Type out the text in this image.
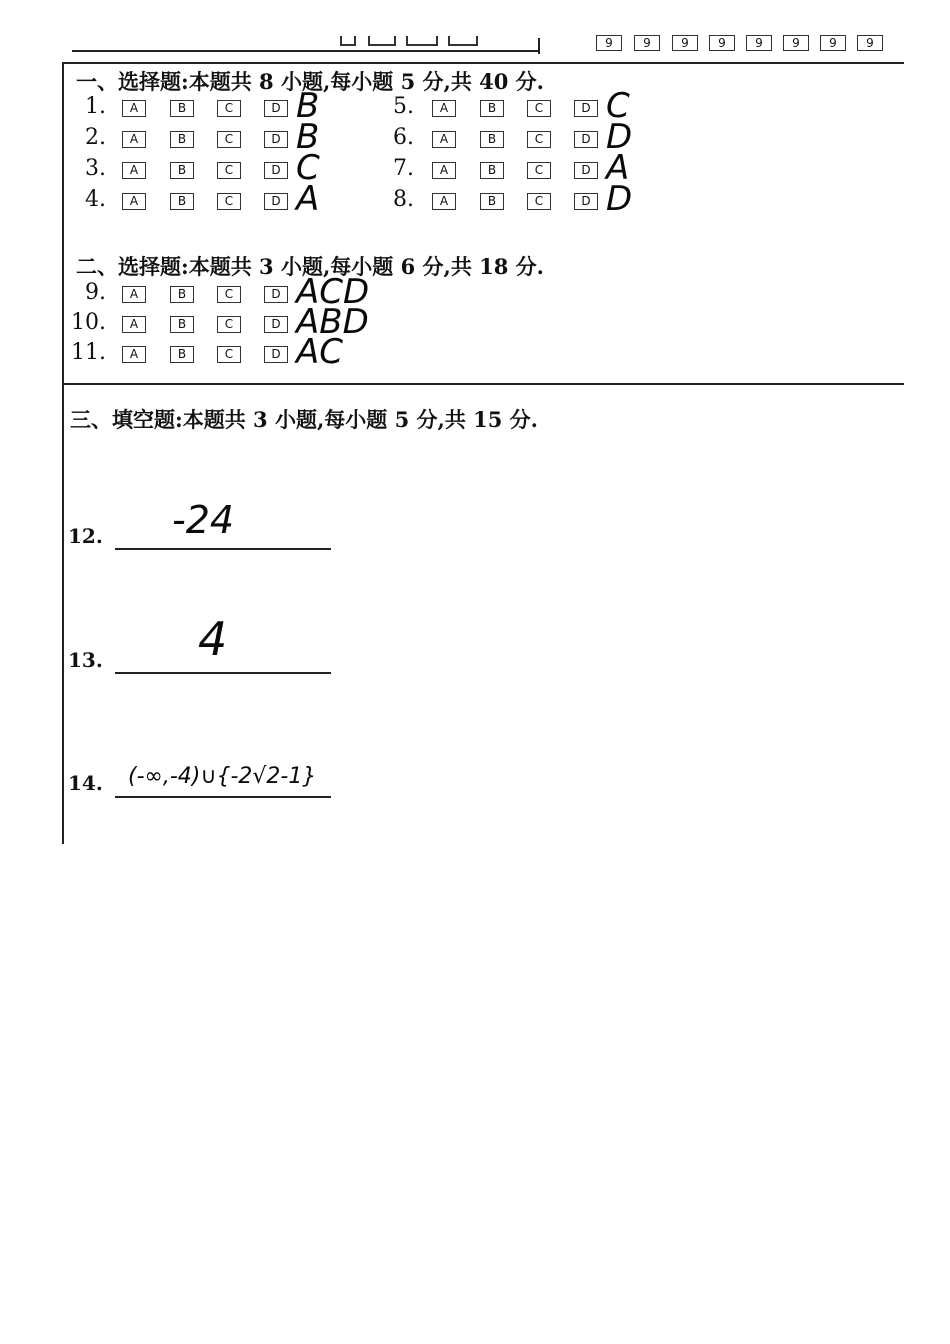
9	9	9	9	9	9	9	9
一、选择题:本题共 8 小题,每小题 5 分,共 40 分.
二、选择题:本题共 3 小题,每小题 6 分,共 18 分.
三、填空题:本题共 3 小题,每小题 5 分,共 15 分.
1.	A	B	C	D B
2.	A	B	C	D B
3.	A	B	C	D C
4.	A	B	C	D A
5.	A	B	C	D C
6.	A	B	C	D D
7.	A	B	C	D A
8.	A	B	C	D D
9.	A	B	C	D ACD
10.	A	B	C	D ABD
11.	A	B	C	D AC
12. -24
13. 4
14. (-∞,-4)∪{-2√2-1}
